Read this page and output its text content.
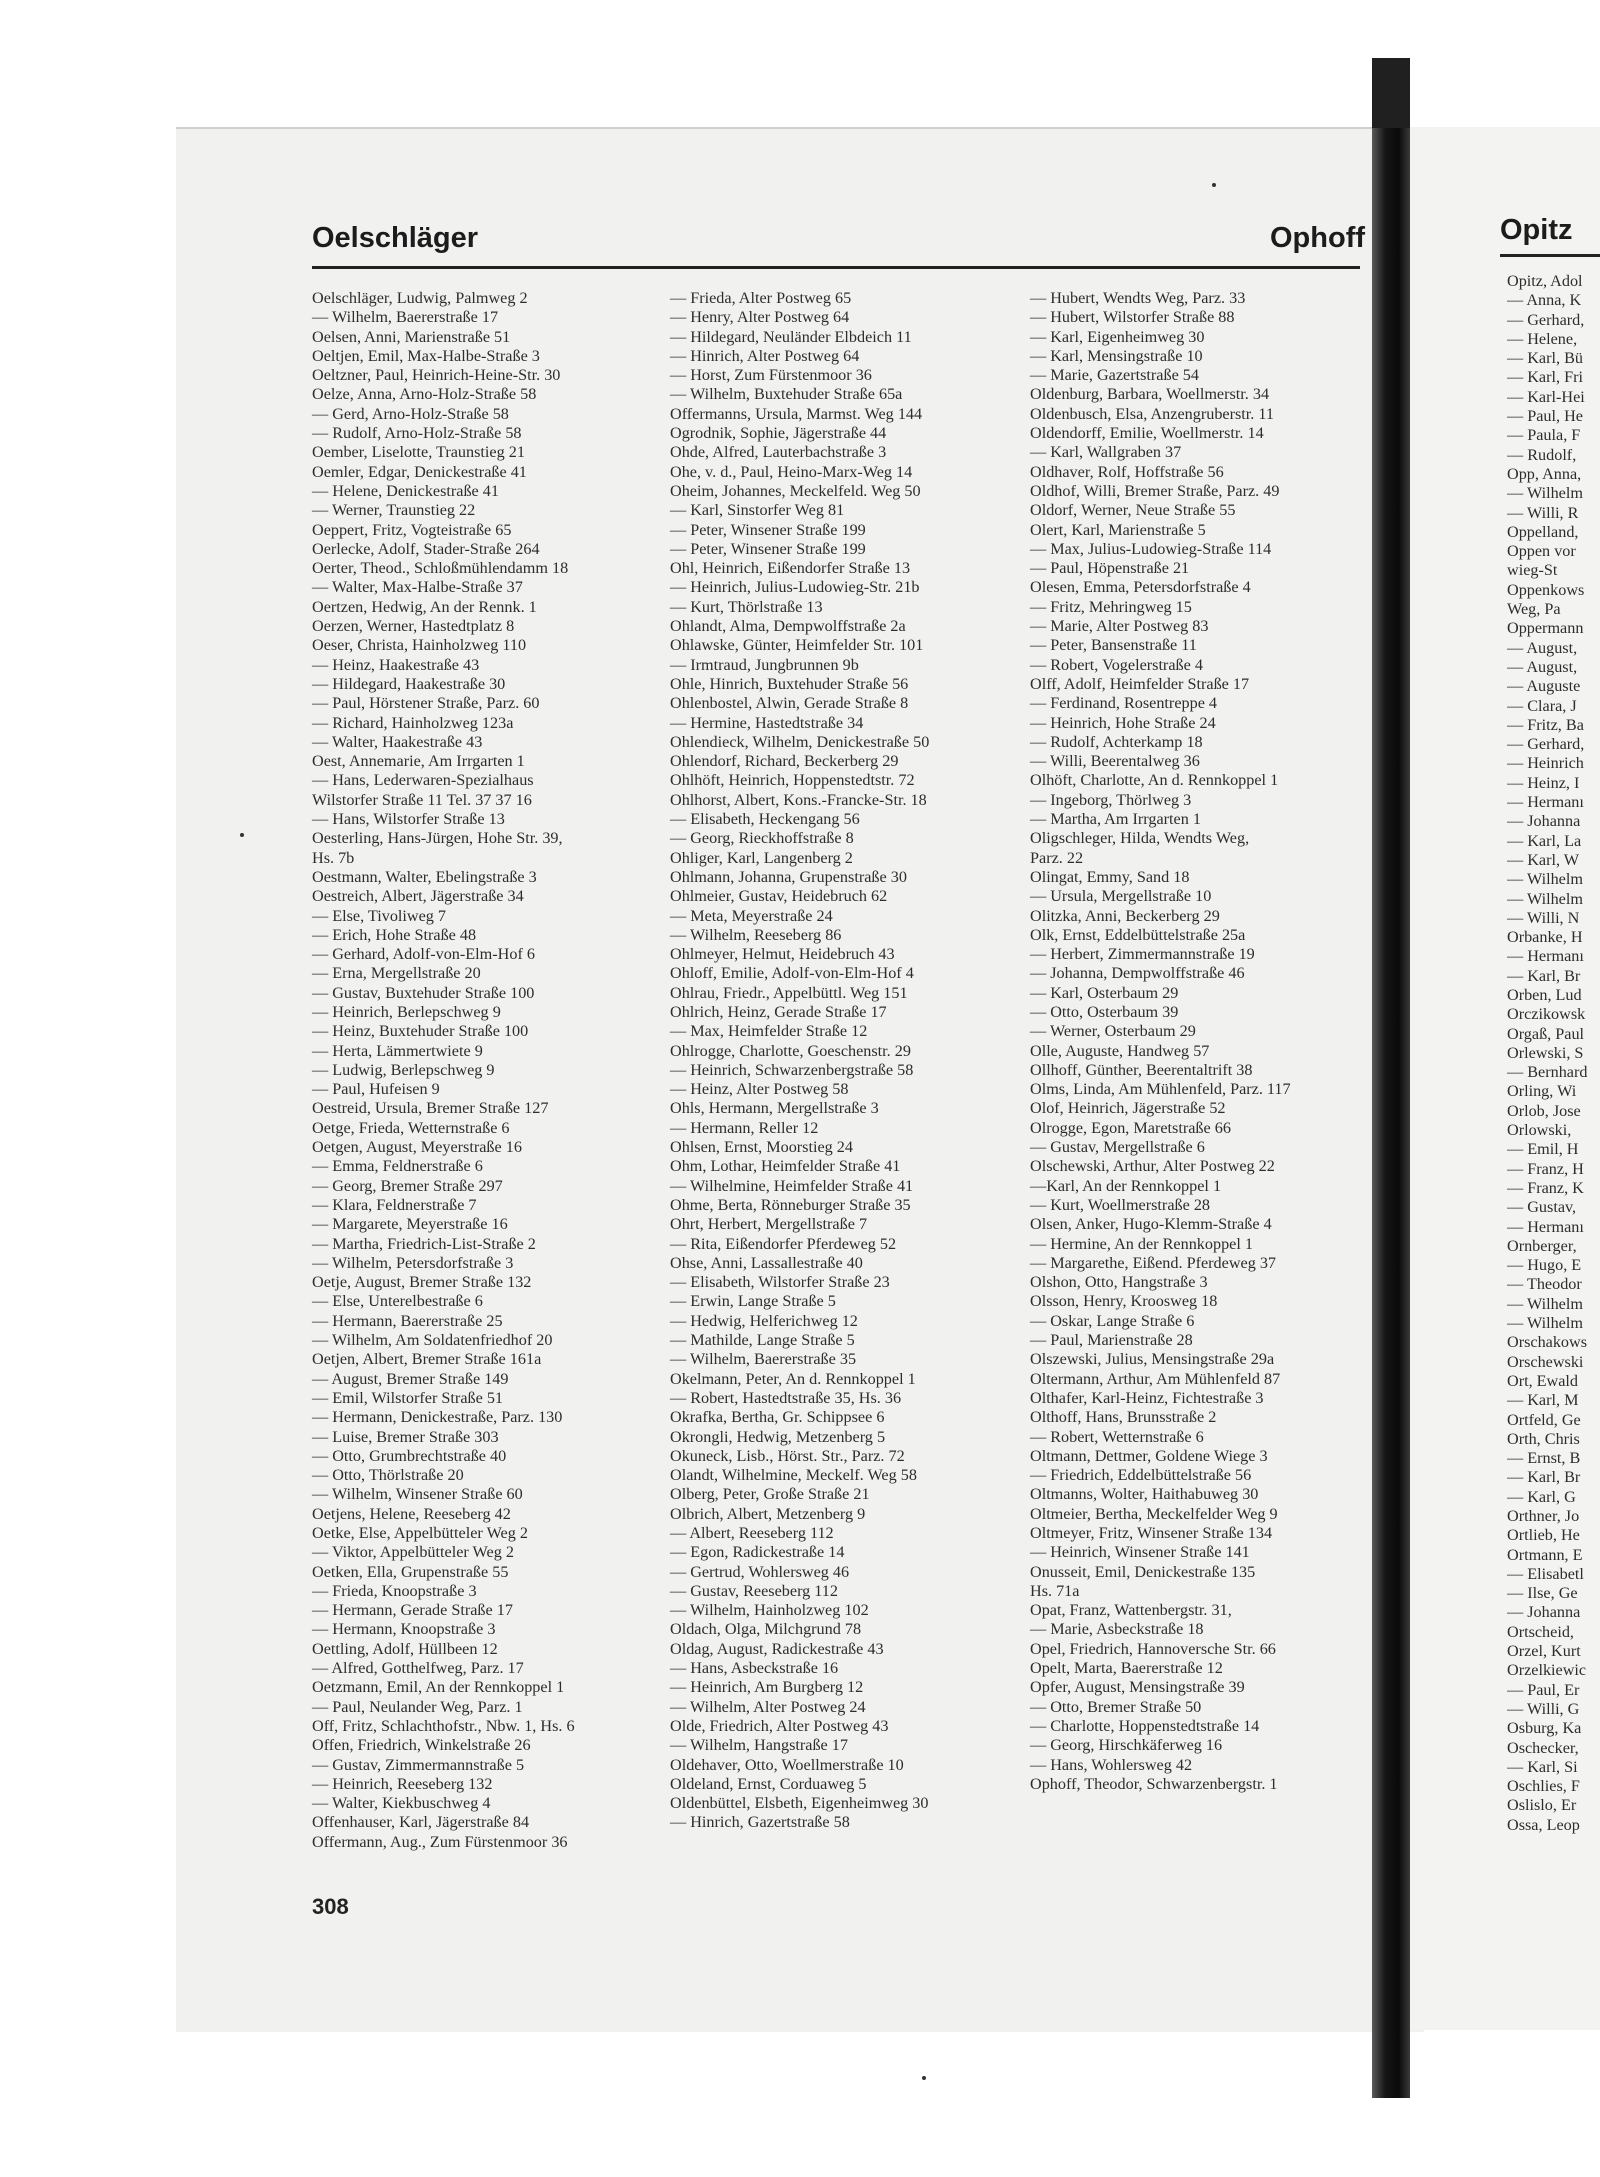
Oelschläger	Ophoff
Oelschläger, Ludwig, Palmweg 2
— Wilhelm, Baererstraße 17
Oelsen, Anni, Marienstraße 51
Oeltjen, Emil, Max-Halbe-Straße 3
Oeltzner, Paul, Heinrich-Heine-Str. 30
Oelze, Anna, Arno-Holz-Straße 58
— Gerd, Arno-Holz-Straße 58
— Rudolf, Arno-Holz-Straße 58
Oember, Liselotte, Traunstieg 21
Oemler, Edgar, Denickestraße 41
— Helene, Denickestraße 41
— Werner, Traunstieg 22
Oeppert, Fritz, Vogteistraße 65
Oerlecke, Adolf, Stader-Straße 264
Oerter, Theod., Schloßmühlendamm 18
— Walter, Max-Halbe-Straße 37
Oertzen, Hedwig, An der Rennk. 1
Oerzen, Werner, Hastedtplatz 8
Oeser, Christa, Hainholzweg 110
— Heinz, Haakestraße 43
— Hildegard, Haakestraße 30
— Paul, Hörstener Straße, Parz. 60
— Richard, Hainholzweg 123a
— Walter, Haakestraße 43
Oest, Annemarie, Am Irrgarten 1
— Hans, Lederwaren-Spezialhaus
Wilstorfer Straße 11 Tel. 37 37 16
— Hans, Wilstorfer Straße 13
Oesterling, Hans-Jürgen, Hohe Str. 39,
Hs. 7b
Oestmann, Walter, Ebelingstraße 3
Oestreich, Albert, Jägerstraße 34
— Else, Tivoliweg 7
— Erich, Hohe Straße 48
— Gerhard, Adolf-von-Elm-Hof 6
— Erna, Mergellstraße 20
— Gustav, Buxtehuder Straße 100
— Heinrich, Berlepschweg 9
— Heinz, Buxtehuder Straße 100
— Herta, Lämmertwiete 9
— Ludwig, Berlepschweg 9
— Paul, Hufeisen 9
Oestreid, Ursula, Bremer Straße 127
Oetge, Frieda, Wetternstraße 6
Oetgen, August, Meyerstraße 16
— Emma, Feldnerstraße 6
— Georg, Bremer Straße 297
— Klara, Feldnerstraße 7
— Margarete, Meyerstraße 16
— Martha, Friedrich-List-Straße 2
— Wilhelm, Petersdorfstraße 3
Oetje, August, Bremer Straße 132
— Else, Unterelbestraße 6
— Hermann, Baererstraße 25
— Wilhelm, Am Soldatenfriedhof 20
Oetjen, Albert, Bremer Straße 161a
— August, Bremer Straße 149
— Emil, Wilstorfer Straße 51
— Hermann, Denickestraße, Parz. 130
— Luise, Bremer Straße 303
— Otto, Grumbrechtstraße 40
— Otto, Thörlstraße 20
— Wilhelm, Winsener Straße 60
Oetjens, Helene, Reeseberg 42
Oetke, Else, Appelbütteler Weg 2
— Viktor, Appelbütteler Weg 2
Oetken, Ella, Grupenstraße 55
— Frieda, Knoopstraße 3
— Hermann, Gerade Straße 17
— Hermann, Knoopstraße 3
Oettling, Adolf, Hüllbeen 12
— Alfred, Gotthelfweg, Parz. 17
Oetzmann, Emil, An der Rennkoppel 1
— Paul, Neulander Weg, Parz. 1
Off, Fritz, Schlachthofstr., Nbw. 1, Hs. 6
Offen, Friedrich, Winkelstraße 26
— Gustav, Zimmermannstraße 5
— Heinrich, Reeseberg 132
— Walter, Kiekbuschweg 4
Offenhauser, Karl, Jägerstraße 84
Offermann, Aug., Zum Fürstenmoor 36
— Frieda, Alter Postweg 65
— Henry, Alter Postweg 64
— Hildegard, Neuländer Elbdeich 11
— Hinrich, Alter Postweg 64
— Horst, Zum Fürstenmoor 36
— Wilhelm, Buxtehuder Straße 65a
Offermanns, Ursula, Marmst. Weg 144
Ogrodnik, Sophie, Jägerstraße 44
Ohde, Alfred, Lauterbachstraße 3
Ohe, v. d., Paul, Heino-Marx-Weg 14
Oheim, Johannes, Meckelfeld. Weg 50
— Karl, Sinstorfer Weg 81
— Peter, Winsener Straße 199
— Peter, Winsener Straße 199
Ohl, Heinrich, Eißendorfer Straße 13
— Heinrich, Julius-Ludowieg-Str. 21b
— Kurt, Thörlstraße 13
Ohlandt, Alma, Dempwolffstraße 2a
Ohlawske, Günter, Heimfelder Str. 101
— Irmtraud, Jungbrunnen 9b
Ohle, Hinrich, Buxtehuder Straße 56
Ohlenbostel, Alwin, Gerade Straße 8
— Hermine, Hastedtstraße 34
Ohlendieck, Wilhelm, Denickestraße 50
Ohlendorf, Richard, Beckerberg 29
Ohlhöft, Heinrich, Hoppenstedtstr. 72
Ohlhorst, Albert, Kons.-Francke-Str. 18
— Elisabeth, Heckengang 56
— Georg, Rieckhoffstraße 8
Ohliger, Karl, Langenberg 2
Ohlmann, Johanna, Grupenstraße 30
Ohlmeier, Gustav, Heidebruch 62
— Meta, Meyerstraße 24
— Wilhelm, Reeseberg 86
Ohlmeyer, Helmut, Heidebruch 43
Ohloff, Emilie, Adolf-von-Elm-Hof 4
Ohlrau, Friedr., Appelbüttl. Weg 151
Ohlrich, Heinz, Gerade Straße 17
— Max, Heimfelder Straße 12
Ohlrogge, Charlotte, Goeschenstr. 29
— Heinrich, Schwarzenbergstraße 58
— Heinz, Alter Postweg 58
Ohls, Hermann, Mergellstraße 3
— Hermann, Reller 12
Ohlsen, Ernst, Moorstieg 24
Ohm, Lothar, Heimfelder Straße 41
— Wilhelmine, Heimfelder Straße 41
Ohme, Berta, Rönneburger Straße 35
Ohrt, Herbert, Mergellstraße 7
— Rita, Eißendorfer Pferdeweg 52
Ohse, Anni, Lassallestraße 40
— Elisabeth, Wilstorfer Straße 23
— Erwin, Lange Straße 5
— Hedwig, Helferichweg 12
— Mathilde, Lange Straße 5
— Wilhelm, Baererstraße 35
Okelmann, Peter, An d. Rennkoppel 1
— Robert, Hastedtstraße 35, Hs. 36
Okrafka, Bertha, Gr. Schippsee 6
Okrongli, Hedwig, Metzenberg 5
Okuneck, Lisb., Hörst. Str., Parz. 72
Olandt, Wilhelmine, Meckelf. Weg 58
Olberg, Peter, Große Straße 21
Olbrich, Albert, Metzenberg 9
— Albert, Reeseberg 112
— Egon, Radickestraße 14
— Gertrud, Wohlersweg 46
— Gustav, Reeseberg 112
— Wilhelm, Hainholzweg 102
Oldach, Olga, Milchgrund 78
Oldag, August, Radickestraße 43
— Hans, Asbeckstraße 16
— Heinrich, Am Burgberg 12
— Wilhelm, Alter Postweg 24
Olde, Friedrich, Alter Postweg 43
— Wilhelm, Hangstraße 17
Oldehaver, Otto, Woellmerstraße 10
Oldeland, Ernst, Corduaweg 5
Oldenbüttel, Elsbeth, Eigenheimweg 30
— Hinrich, Gazertstraße 58
— Hubert, Wendts Weg, Parz. 33
— Hubert, Wilstorfer Straße 88
— Karl, Eigenheimweg 30
— Karl, Mensingstraße 10
— Marie, Gazertstraße 54
Oldenburg, Barbara, Woellmerstr. 34
Oldenbusch, Elsa, Anzengruberstr. 11
Oldendorff, Emilie, Woellmerstr. 14
— Karl, Wallgraben 37
Oldhaver, Rolf, Hoffstraße 56
Oldhof, Willi, Bremer Straße, Parz. 49
Oldorf, Werner, Neue Straße 55
Olert, Karl, Marienstraße 5
— Max, Julius-Ludowieg-Straße 114
— Paul, Höpenstraße 21
Olesen, Emma, Petersdorfstraße 4
— Fritz, Mehringweg 15
— Marie, Alter Postweg 83
— Peter, Bansenstraße 11
— Robert, Vogelerstraße 4
Olff, Adolf, Heimfelder Straße 17
— Ferdinand, Rosentreppe 4
— Heinrich, Hohe Straße 24
— Rudolf, Achterkamp 18
— Willi, Beerentalweg 36
Olhöft, Charlotte, An d. Rennkoppel 1
— Ingeborg, Thörlweg 3
— Martha, Am Irrgarten 1
Oligschleger, Hilda, Wendts Weg,
Parz. 22
Olingat, Emmy, Sand 18
— Ursula, Mergellstraße 10
Olitzka, Anni, Beckerberg 29
Olk, Ernst, Eddelbüttelstraße 25a
— Herbert, Zimmermannstraße 19
— Johanna, Dempwolffstraße 46
— Karl, Osterbaum 29
— Otto, Osterbaum 39
— Werner, Osterbaum 29
Olle, Auguste, Handweg 57
Ollhoff, Günther, Beerentaltrift 38
Olms, Linda, Am Mühlenfeld, Parz. 117
Olof, Heinrich, Jägerstraße 52
Olrogge, Egon, Maretstraße 66
— Gustav, Mergellstraße 6
Olschewski, Arthur, Alter Postweg 22
—Karl, An der Rennkoppel 1
— Kurt, Woellmerstraße 28
Olsen, Anker, Hugo-Klemm-Straße 4
— Hermine, An der Rennkoppel 1
— Margarethe, Eißend. Pferdeweg 37
Olshon, Otto, Hangstraße 3
Olsson, Henry, Kroosweg 18
— Oskar, Lange Straße 6
— Paul, Marienstraße 28
Olszewski, Julius, Mensingstraße 29a
Oltermann, Arthur, Am Mühlenfeld 87
Olthafer, Karl-Heinz, Fichtestraße 3
Olthoff, Hans, Brunsstraße 2
— Robert, Wetternstraße 6
Oltmann, Dettmer, Goldene Wiege 3
— Friedrich, Eddelbüttelstraße 56
Oltmanns, Wolter, Haithabuweg 30
Oltmeier, Bertha, Meckelfelder Weg 9
Oltmeyer, Fritz, Winsener Straße 134
— Heinrich, Winsener Straße 141
Onusseit, Emil, Denickestraße 135
Hs. 71a
Opat, Franz, Wattenbergstr. 31,
— Marie, Asbeckstraße 18
Opel, Friedrich, Hannoversche Str. 66
Opelt, Marta, Baererstraße 12
Opfer, August, Mensingstraße 39
— Otto, Bremer Straße 50
— Charlotte, Hoppenstedtstraße 14
— Georg, Hirschkäferweg 16
— Hans, Wohlersweg 42
Ophoff, Theodor, Schwarzenbergstr. 1
308
Opitz
Opitz, Adol
— Anna, K
— Gerhard,
— Helene,
— Karl, Bü
— Karl, Fri
— Karl-Hei
— Paul, He
— Paula, F
— Rudolf,
Opp, Anna,
— Wilhelm
— Willi, R
Oppelland,
Oppen vor
wieg-St
Oppenkows
Weg, Pa
Oppermann
— August,
— August,
— Auguste
— Clara, J
— Fritz, Ba
— Gerhard,
— Heinrich
— Heinz, I
— Hermanı
— Johanna
— Karl, La
— Karl, W
— Wilhelm
— Wilhelm
— Willi, N
Orbanke, H
— Hermanı
— Karl, Br
Orben, Lud
Orczikowsk
Orgaß, Paul
Orlewski, S
— Bernhard
Orling, Wi
Orlob, Jose
Orlowski,
— Emil, H
— Franz, H
— Franz, K
— Gustav,
— Hermanı
Ornberger,
— Hugo, E
— Theodor
— Wilhelm
— Wilhelm
Orschakows
Orschewski
Ort, Ewald
— Karl, M
Ortfeld, Ge
Orth, Chris
— Ernst, B
— Karl, Br
— Karl, G
Orthner, Jo
Ortlieb, He
Ortmann, E
— Elisabetl
— Ilse, Ge
— Johanna
Ortscheid,
Orzel, Kurt
Orzelkiewic
— Paul, Er
— Willi, G
Osburg, Ka
Oschecker,
— Karl, Si
Oschlies, F
Oslislo, Er
Ossa, Leop
